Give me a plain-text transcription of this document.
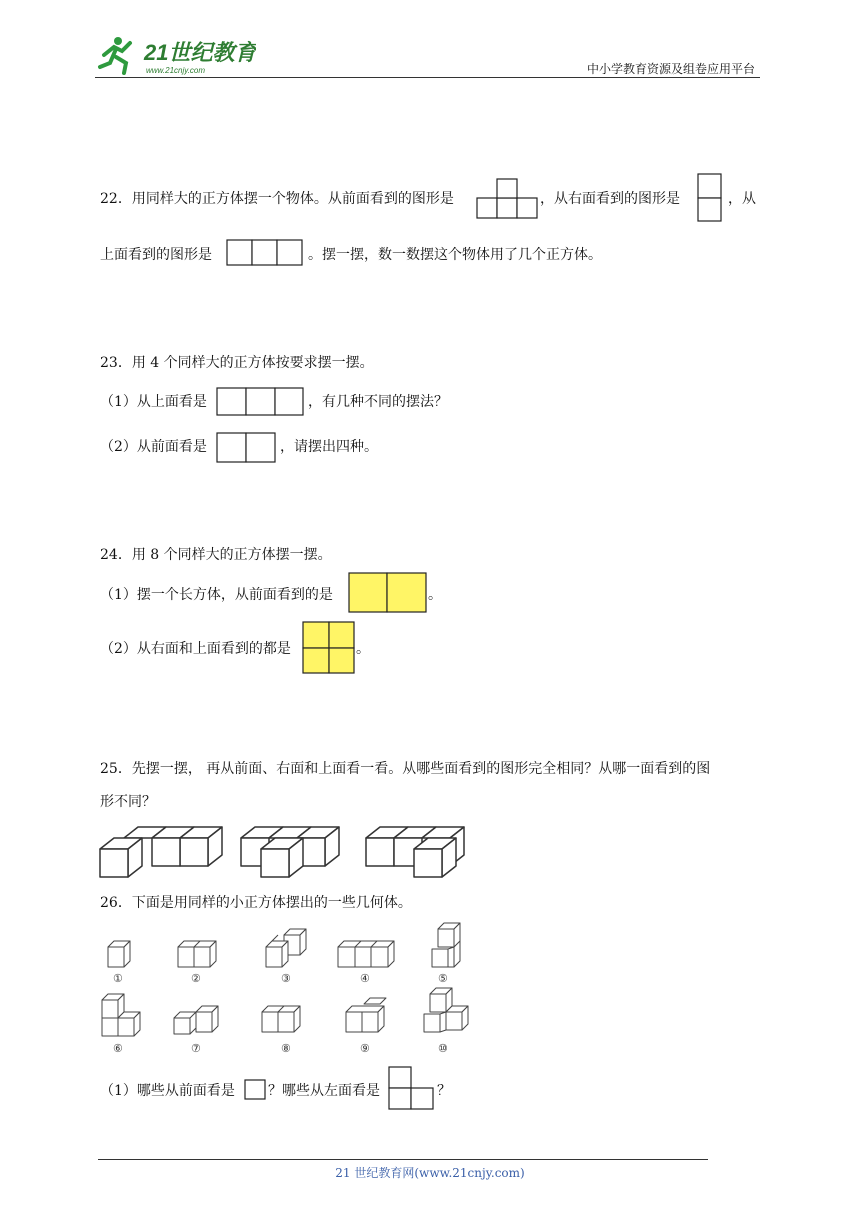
21世纪教育
www.21cnjy.com	中小学教育资源及组卷应用平台
22．用同样大的正方体摆一个物体。从前面看到的图形是	，从右面看到的图形是	，从
上面看到的图形是	。摆一摆，数一数摆这个物体用了几个正方体。
23．用 4 个同样大的正方体按要求摆一摆。
（1）从上面看是	，有几种不同的摆法？
（2）从前面看是	，请摆出四种。
24．用 8 个同样大的正方体摆一摆。
（1）摆一个长方体，从前面看到的是	。
（2）从右面和上面看到的都是	。
25．先摆一摆， 再从前面、右面和上面看一看。从哪些面看到的图形完全相同？从哪一面看到的图
形不同？
26．下面是用同样的小正方体摆出的一些几何体。
①	②	③	④	⑤
⑥	⑦	⑧	⑨	⑩
（1）哪些从前面看是 ？哪些从左面看是	？
21 世纪教育网(www.21cnjy.com)
